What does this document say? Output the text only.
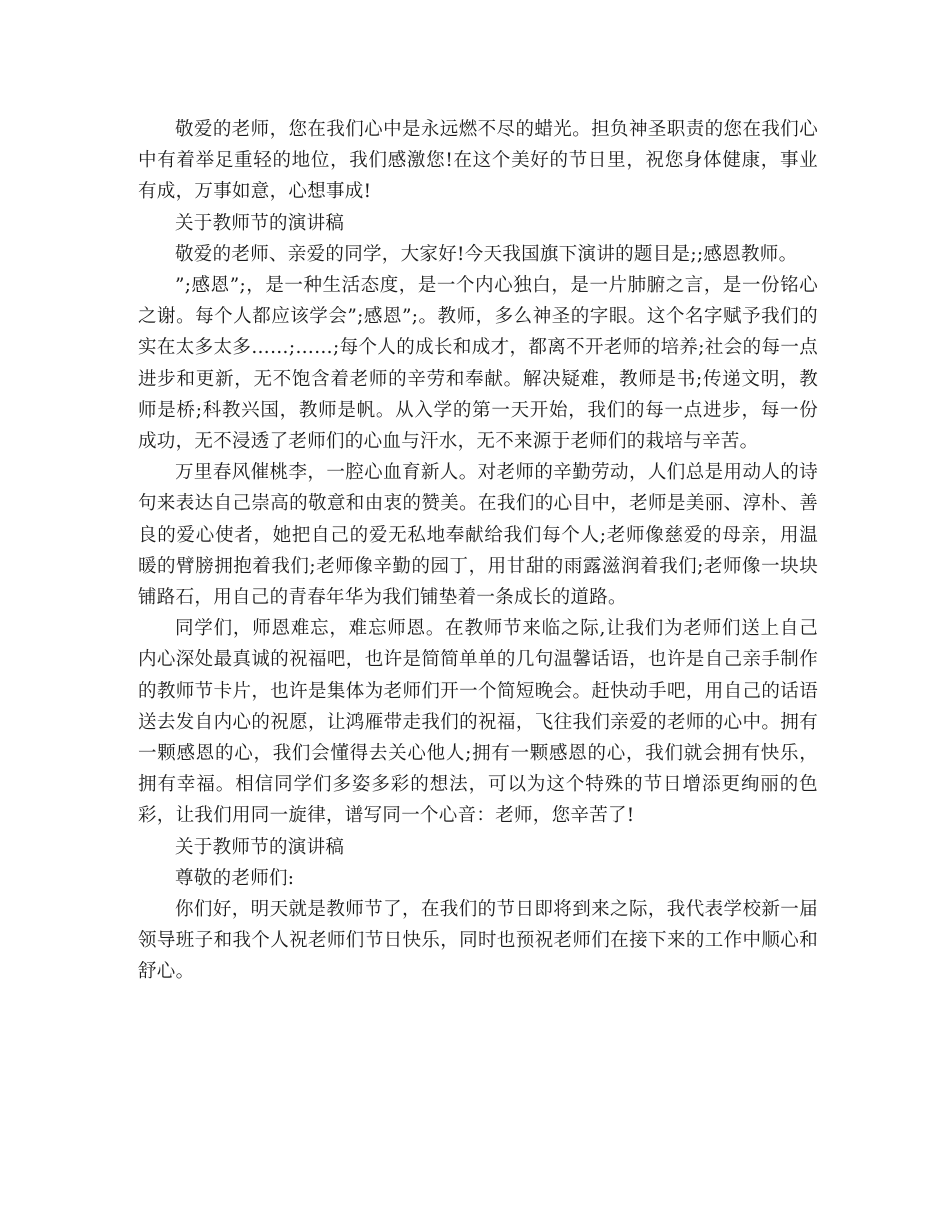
敬爱的老师，您在我们心中是永远燃不尽的蜡光。担负神圣职责的您在我们心中有着举足重轻的地位，我们感激您!在这个美好的节日里，祝您身体健康，事业有成，万事如意，心想事成!

关于教师节的演讲稿

敬爱的老师、亲爱的同学，大家好!今天我国旗下演讲的题目是;;感恩教师。

”;感恩”;，是一种生活态度，是一个内心独白，是一片肺腑之言，是一份铭心之谢。每个人都应该学会”;感恩”;。教师，多么神圣的字眼。这个名字赋予我们的实在太多太多……;……;每个人的成长和成才，都离不开老师的培养;社会的每一点进步和更新，无不饱含着老师的辛劳和奉献。解决疑难，教师是书;传递文明，教师是桥;科教兴国，教师是帆。从入学的第一天开始，我们的每一点进步，每一份成功，无不浸透了老师们的心血与汗水，无不来源于老师们的栽培与辛苦。

万里春风催桃李，一腔心血育新人。对老师的辛勤劳动，人们总是用动人的诗句来表达自己崇高的敬意和由衷的赞美。在我们的心目中，老师是美丽、淳朴、善良的爱心使者，她把自己的爱无私地奉献给我们每个人;老师像慈爱的母亲，用温暖的臂膀拥抱着我们;老师像辛勤的园丁，用甘甜的雨露滋润着我们;老师像一块块铺路石，用自己的青春年华为我们铺垫着一条成长的道路。

同学们，师恩难忘，难忘师恩。在教师节来临之际,让我们为老师们送上自己内心深处最真诚的祝福吧，也许是简简单单的几句温馨话语，也许是自己亲手制作的教师节卡片，也许是集体为老师们开一个简短晚会。赶快动手吧，用自己的话语送去发自内心的祝愿，让鸿雁带走我们的祝福，飞往我们亲爱的老师的心中。拥有一颗感恩的心，我们会懂得去关心他人;拥有一颗感恩的心，我们就会拥有快乐，拥有幸福。相信同学们多姿多彩的想法，可以为这个特殊的节日增添更绚丽的色彩，让我们用同一旋律，谱写同一个心音：老师，您辛苦了!

关于教师节的演讲稿

尊敬的老师们:

你们好，明天就是教师节了，在我们的节日即将到来之际，我代表学校新一届领导班子和我个人祝老师们节日快乐，同时也预祝老师们在接下来的工作中顺心和舒心。
